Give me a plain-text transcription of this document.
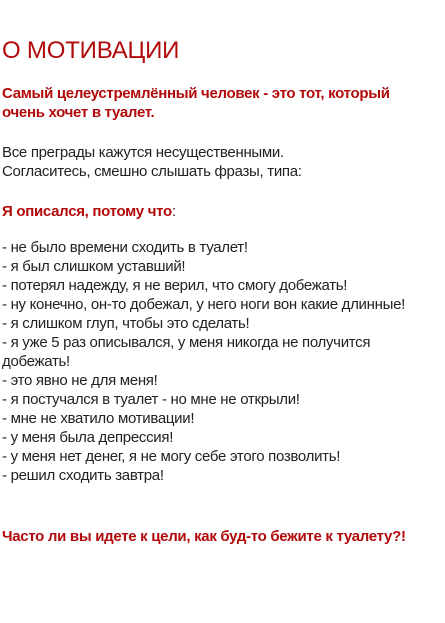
О МОТИВАЦИИ

Самый целеустремлённый человек - это тот, который очень хочет в туалет.

Все преграды кажутся несущественными.
Согласитесь, смешно слышать фразы, типа:

Я описался, потому что:

- не было времени сходить в туалет!
- я был слишком уставший!
- потерял надежду, я не верил, что смогу добежать!
- ну конечно, он-то добежал, у него ноги вон какие длинные!
- я слишком глуп, чтобы это сделать!
- я уже 5 раз описывался, у меня никогда не получится добежать!
- это явно не для меня!
- я постучался в туалет - но мне не открыли!
- мне не хватило мотивации!
- у меня была депрессия!
- у меня нет денег, я не могу себе этого позволить!
- решил сходить завтра!

Часто ли вы идете к цели, как буд-то бежите к туалету?!
